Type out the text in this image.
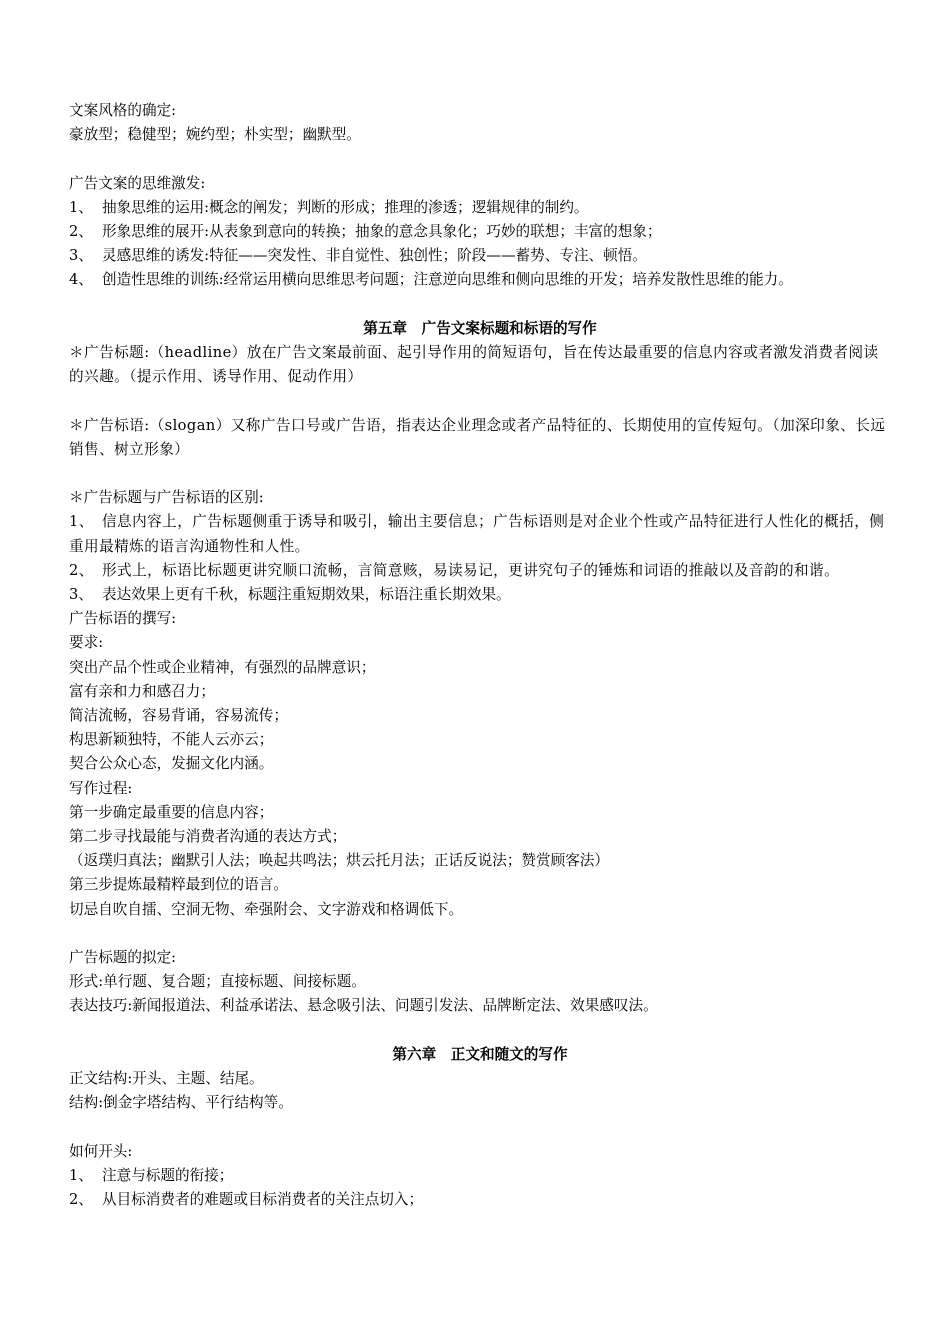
文案风格的确定:
豪放型；稳健型；婉约型；朴实型；幽默型。
广告文案的思维激发:
1、 抽象思维的运用:概念的阐发；判断的形成；推理的渗透；逻辑规律的制约。
2、 形象思维的展开:从表象到意向的转换；抽象的意念具象化；巧妙的联想；丰富的想象；
3、 灵感思维的诱发:特征——突发性、非自觉性、独创性；阶段——蓄势、专注、顿悟。
4、 创造性思维的训练:经常运用横向思维思考问题；注意逆向思维和侧向思维的开发；培养发散性思维的能力。
第五章　广告文案标题和标语的写作
＊广告标题:（headline）放在广告文案最前面、起引导作用的简短语句，旨在传达最重要的信息内容或者激发消费者阅读的兴趣。（提示作用、诱导作用、促动作用）
＊广告标语:（slogan）又称广告口号或广告语，指表达企业理念或者产品特征的、长期使用的宣传短句。（加深印象、长远销售、树立形象）
＊广告标题与广告标语的区别:
1、 信息内容上，广告标题侧重于诱导和吸引，输出主要信息；广告标语则是对企业个性或产品特征进行人性化的概括，侧重用最精炼的语言沟通物性和人性。
2、 形式上，标语比标题更讲究顺口流畅，言简意赅，易读易记，更讲究句子的锤炼和词语的推敲以及音韵的和谐。
3、 表达效果上更有千秋，标题注重短期效果，标语注重长期效果。
广告标语的撰写:
要求:
突出产品个性或企业精神，有强烈的品牌意识；
富有亲和力和感召力；
简洁流畅，容易背诵，容易流传；
构思新颖独特，不能人云亦云；
契合公众心态，发掘文化内涵。
写作过程:
第一步确定最重要的信息内容；
第二步寻找最能与消费者沟通的表达方式；
（返璞归真法；幽默引人法；唤起共鸣法；烘云托月法；正话反说法；赞赏顾客法）
第三步提炼最精粹最到位的语言。
切忌自吹自擂、空洞无物、牵强附会、文字游戏和格调低下。
广告标题的拟定:
形式:单行题、复合题；直接标题、间接标题。
表达技巧:新闻报道法、利益承诺法、悬念吸引法、问题引发法、品牌断定法、效果感叹法。
第六章　正文和随文的写作
正文结构:开头、主题、结尾。
结构:倒金字塔结构、平行结构等。
如何开头:
1、 注意与标题的衔接；
2、 从目标消费者的难题或目标消费者的关注点切入；
